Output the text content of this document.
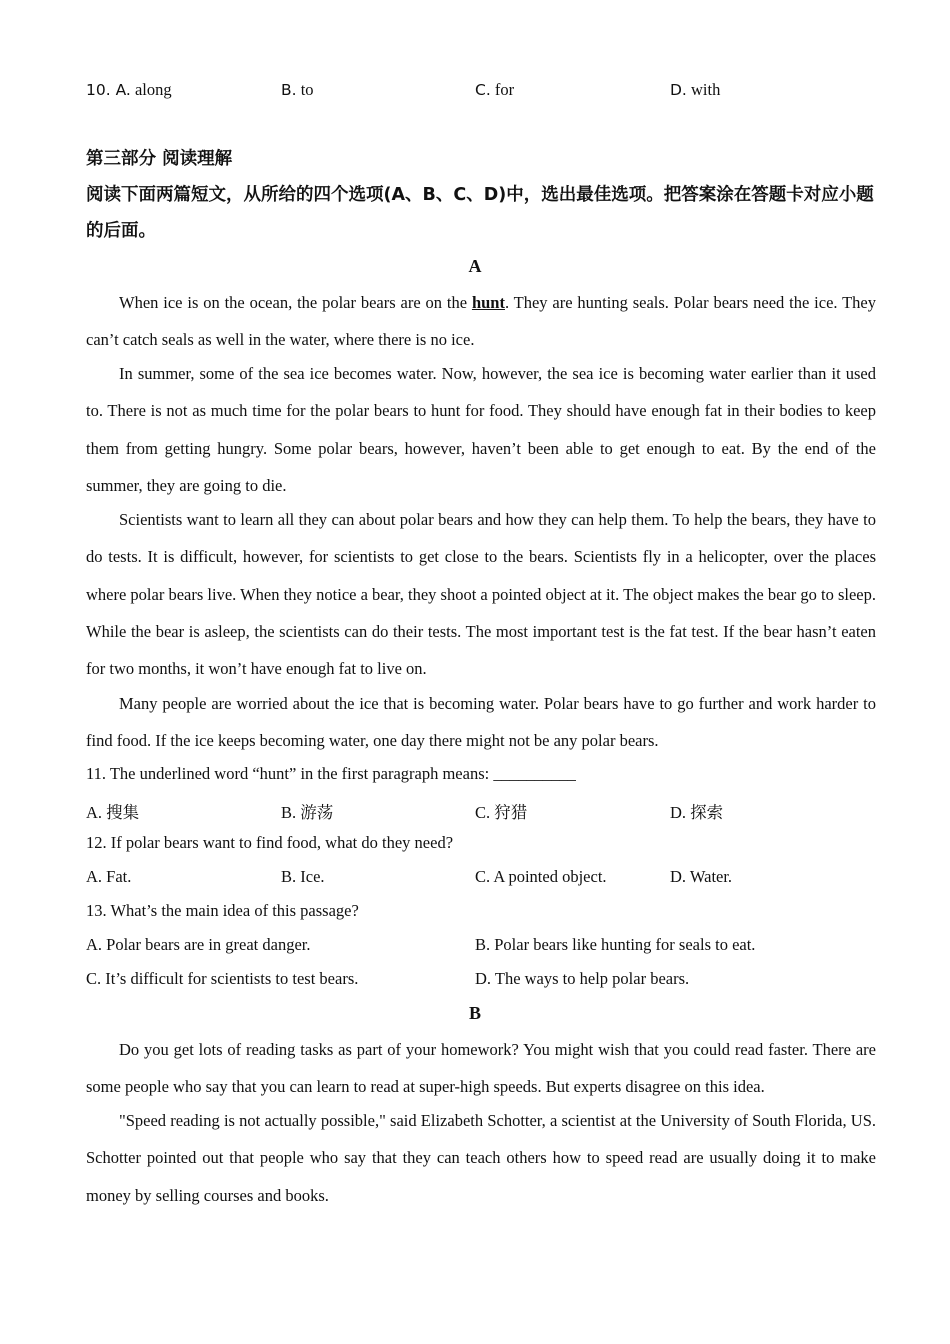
10. A. along	B. to	C. for	D. with
第三部分 阅读理解
阅读下面两篇短文，从所给的四个选项(A、B、C、D)中，选出最佳选项。把答案涂在答题卡对应小题的后面。
A

When ice is on the ocean, the polar bears are on the hunt. They are hunting seals. Polar bears need the ice. They can’t catch seals as well in the water, where there is no ice.

In summer, some of the sea ice becomes water. Now, however, the sea ice is becoming water earlier than it used to. There is not as much time for the polar bears to hunt for food. They should have enough fat in their bodies to keep them from getting hungry. Some polar bears, however, haven’t been able to get enough to eat. By the end of the summer, they are going to die.

Scientists want to learn all they can about polar bears and how they can help them. To help the bears, they have to do tests. It is difficult, however, for scientists to get close to the bears. Scientists fly in a helicopter, over the places where polar bears live. When they notice a bear, they shoot a pointed object at it. The object makes the bear go to sleep. While the bear is asleep, the scientists can do their tests. The most important test is the fat test. If the bear hasn’t eaten for two months, it won’t have enough fat to live on.

Many people are worried about the ice that is becoming water. Polar bears have to go further and work harder to find food. If the ice keeps becoming water, one day there might not be any polar bears.

11. The underlined word “hunt” in the first paragraph means: __________
A. 搜集	B. 游荡	C. 狩猎	D. 探索
12. If polar bears want to find food, what do they need?
A. Fat.	B. Ice.	C. A pointed object.	D. Water.
13. What’s the main idea of this passage?
A. Polar bears are in great danger.	B. Polar bears like hunting for seals to eat.
C. It’s difficult for scientists to test bears.	D. The ways to help polar bears.
B

Do you get lots of reading tasks as part of your homework? You might wish that you could read faster. There are some people who say that you can learn to read at super-high speeds. But experts disagree on this idea.

"Speed reading is not actually possible," said Elizabeth Schotter, a scientist at the University of South Florida, US. Schotter pointed out that people who say that they can teach others how to speed read are usually doing it to make money by selling courses and books.
